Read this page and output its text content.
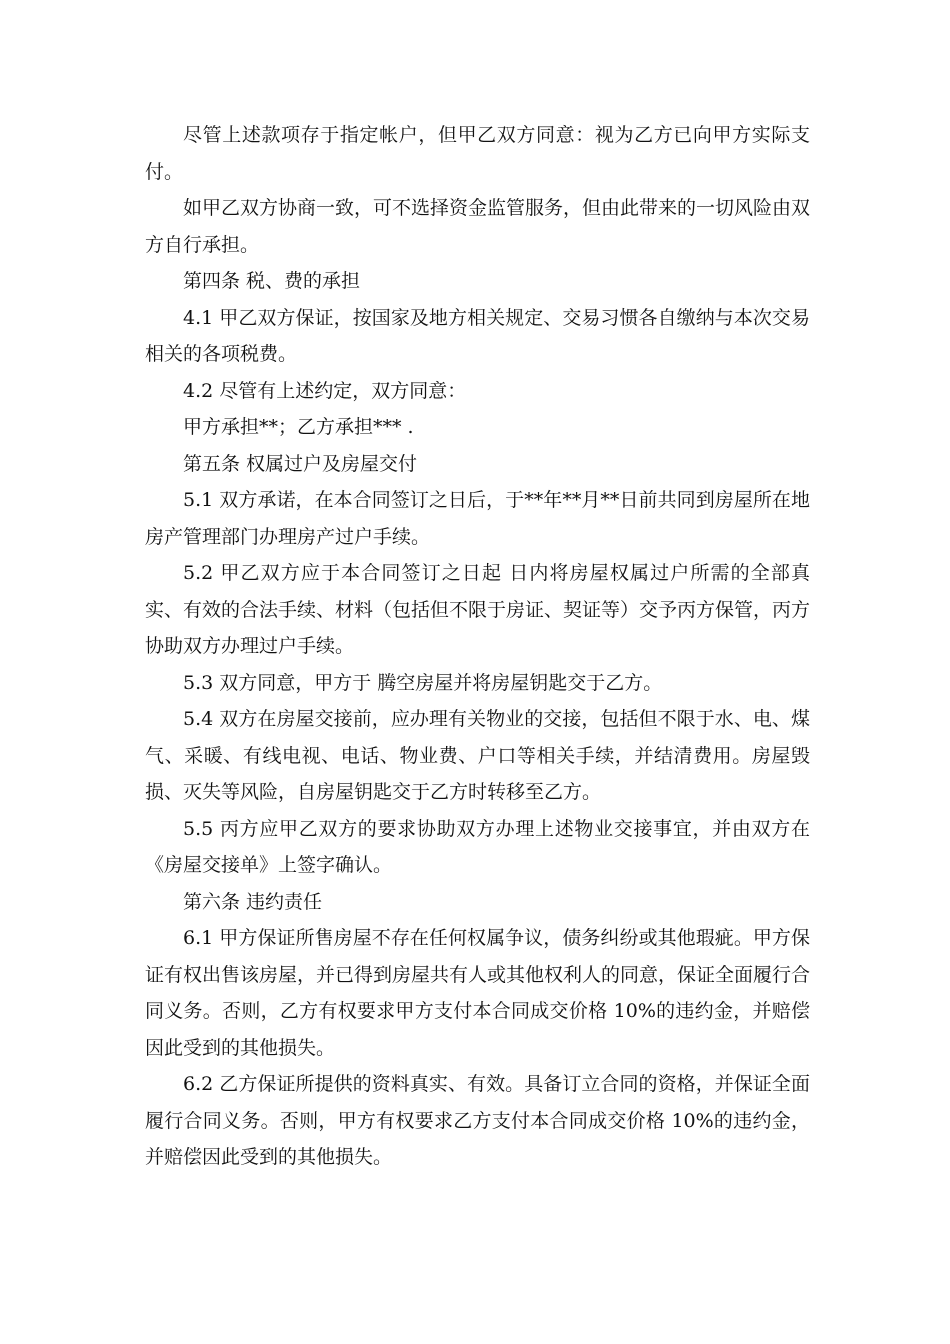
尽管上述款项存于指定帐户，但甲乙双方同意：视为乙方已向甲方实际支付。

如甲乙双方协商一致，可不选择资金监管服务，但由此带来的一切风险由双方自行承担。

第四条 税、费的承担

4.1 甲乙双方保证，按国家及地方相关规定、交易习惯各自缴纳与本次交易相关的各项税费。

4.2 尽管有上述约定，双方同意：

甲方承担**；乙方承担*** .

第五条 权属过户及房屋交付

5.1 双方承诺，在本合同签订之日后，于**年**月**日前共同到房屋所在地房产管理部门办理房产过户手续。

5.2 甲乙双方应于本合同签订之日起 日内将房屋权属过户所需的全部真实、有效的合法手续、材料（包括但不限于房证、契证等）交予丙方保管，丙方协助双方办理过户手续。

5.3 双方同意，甲方于 腾空房屋并将房屋钥匙交于乙方。

5.4 双方在房屋交接前，应办理有关物业的交接，包括但不限于水、电、煤气、采暖、有线电视、电话、物业费、户口等相关手续，并结清费用。房屋毁损、灭失等风险，自房屋钥匙交于乙方时转移至乙方。

5.5 丙方应甲乙双方的要求协助双方办理上述物业交接事宜，并由双方在《房屋交接单》上签字确认。

第六条 违约责任

6.1 甲方保证所售房屋不存在任何权属争议，债务纠纷或其他瑕疵。甲方保证有权出售该房屋，并已得到房屋共有人或其他权利人的同意，保证全面履行合同义务。否则，乙方有权要求甲方支付本合同成交价格 10%的违约金，并赔偿因此受到的其他损失。

6.2 乙方保证所提供的资料真实、有效。具备订立合同的资格，并保证全面履行合同义务。否则，甲方有权要求乙方支付本合同成交价格 10%的违约金，并赔偿因此受到的其他损失。
